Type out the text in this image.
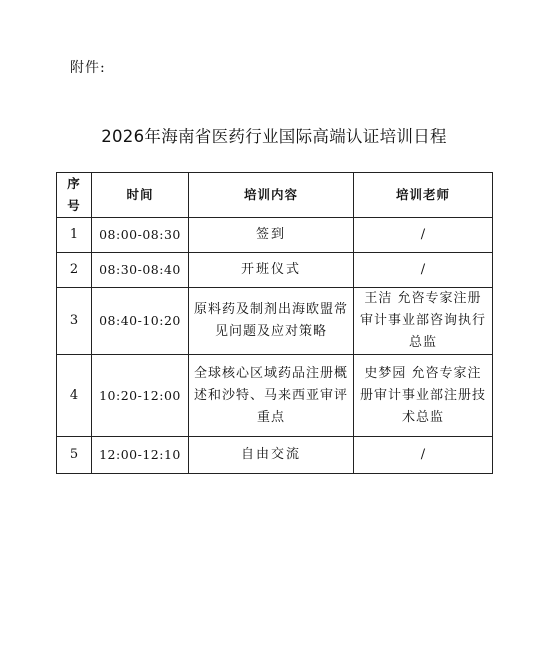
附件:
2026年海南省医药行业国际高端认证培训日程
序号	时间	培训内容	培训老师
1	08:00-08:30	签到	/
2	08:30-08:40	开班仪式	/
3	08:40-10:20	原料药及制剂出海欧盟常见问题及应对策略	王洁 允咨专家注册审计事业部咨询执行总监
4	10:20-12:00	全球核心区域药品注册概述和沙特、马来西亚审评重点	史梦园 允咨专家注册审计事业部注册技术总监
5	12:00-12:10	自由交流	/
